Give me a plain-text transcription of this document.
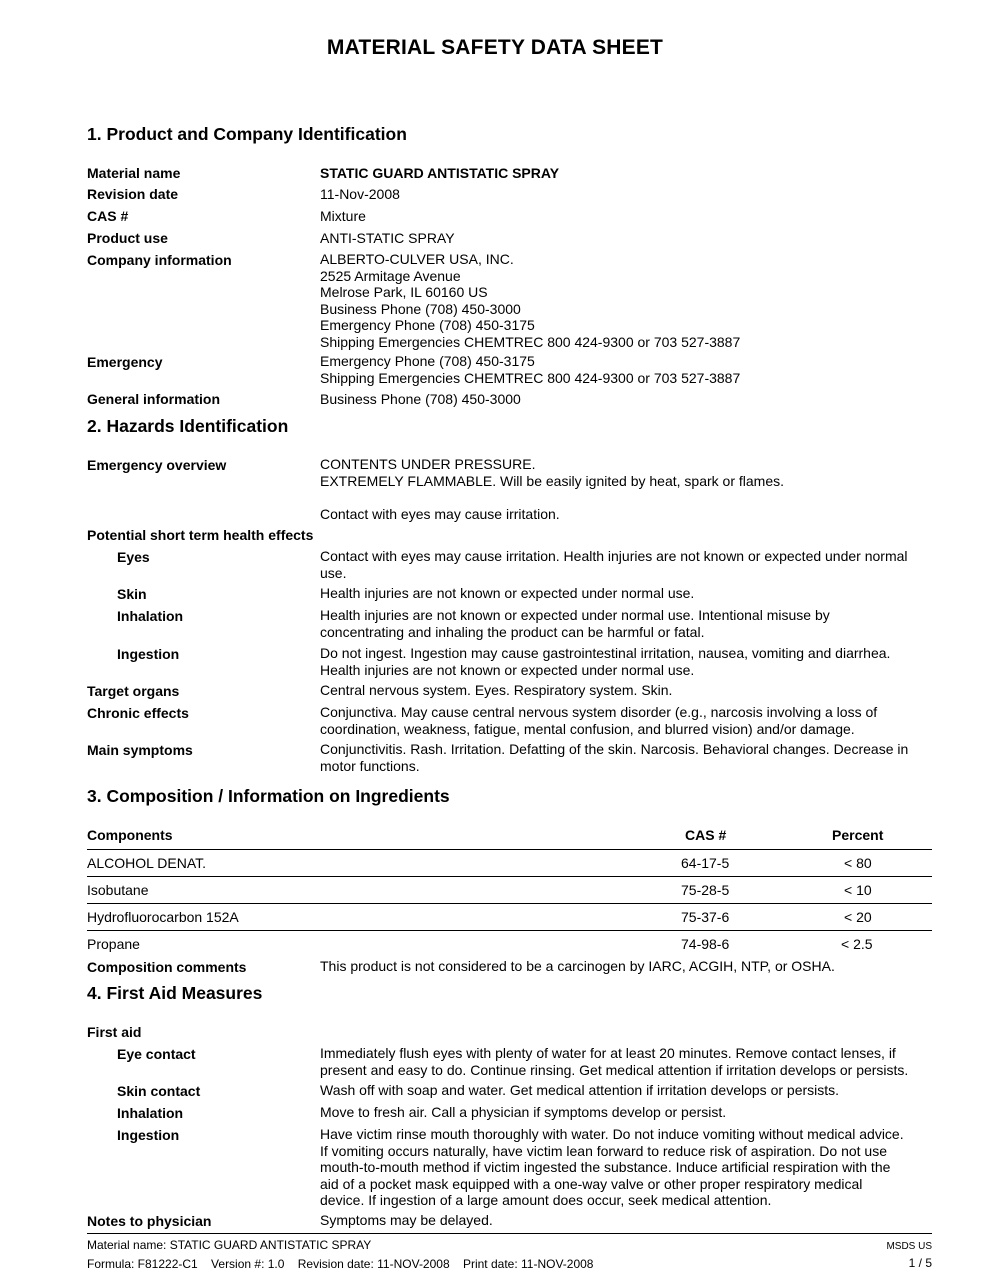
MATERIAL SAFETY DATA SHEET
1. Product and Company Identification
Material name	STATIC GUARD ANTISTATIC SPRAY
Revision date	11-Nov-2008
CAS #	Mixture
Product use	ANTI-STATIC SPRAY
Company information	ALBERTO-CULVER USA, INC.
2525 Armitage Avenue
Melrose Park, IL 60160 US
Business Phone (708) 450-3000
Emergency Phone (708) 450-3175
Shipping Emergencies CHEMTREC 800 424-9300 or 703 527-3887
Emergency	Emergency Phone (708) 450-3175
Shipping Emergencies CHEMTREC 800 424-9300 or 703 527-3887
General information	Business Phone (708) 450-3000
2. Hazards Identification
Emergency overview	CONTENTS UNDER PRESSURE.
EXTREMELY FLAMMABLE. Will be easily ignited by heat, spark or flames.
Contact with eyes may cause irritation.
Potential short term health effects
Eyes	Contact with eyes may cause irritation. Health injuries are not known or expected under normal
use.
Skin	Health injuries are not known or expected under normal use.
Inhalation	Health injuries are not known or expected under normal use. Intentional misuse by
concentrating and inhaling the product can be harmful or fatal.
Ingestion	Do not ingest. Ingestion may cause gastrointestinal irritation, nausea, vomiting and diarrhea.
Health injuries are not known or expected under normal use.
Target organs	Central nervous system. Eyes. Respiratory system. Skin.
Chronic effects	Conjunctiva. May cause central nervous system disorder (e.g., narcosis involving a loss of
coordination, weakness, fatigue, mental confusion, and blurred vision) and/or damage.
Main symptoms	Conjunctivitis. Rash. Irritation. Defatting of the skin. Narcosis. Behavioral changes. Decrease in
motor functions.
3. Composition / Information on Ingredients
Components	CAS #	Percent
ALCOHOL DENAT.	64-17-5	< 80
Isobutane	75-28-5	< 10
Hydrofluorocarbon 152A	75-37-6	< 20
Propane	74-98-6	< 2.5
Composition comments	This product is not considered to be a carcinogen by IARC, ACGIH, NTP, or OSHA.
4. First Aid Measures
First aid
Eye contact	Immediately flush eyes with plenty of water for at least 20 minutes. Remove contact lenses, if
present and easy to do. Continue rinsing. Get medical attention if irritation develops or persists.
Skin contact	Wash off with soap and water. Get medical attention if irritation develops or persists.
Inhalation	Move to fresh air. Call a physician if symptoms develop or persist.
Ingestion	Have victim rinse mouth thoroughly with water. Do not induce vomiting without medical advice.
If vomiting occurs naturally, have victim lean forward to reduce risk of aspiration. Do not use
mouth-to-mouth method if victim ingested the substance. Induce artificial respiration with the
aid of a pocket mask equipped with a one-way valve or other proper respiratory medical
device. If ingestion of a large amount does occur, seek medical attention.
Notes to physician	Symptoms may be delayed.
Material name: STATIC GUARD ANTISTATIC SPRAY
Formula: F81222-C1    Version #: 1.0    Revision date: 11-NOV-2008    Print date: 11-NOV-2008
MSDS US
1 / 5
